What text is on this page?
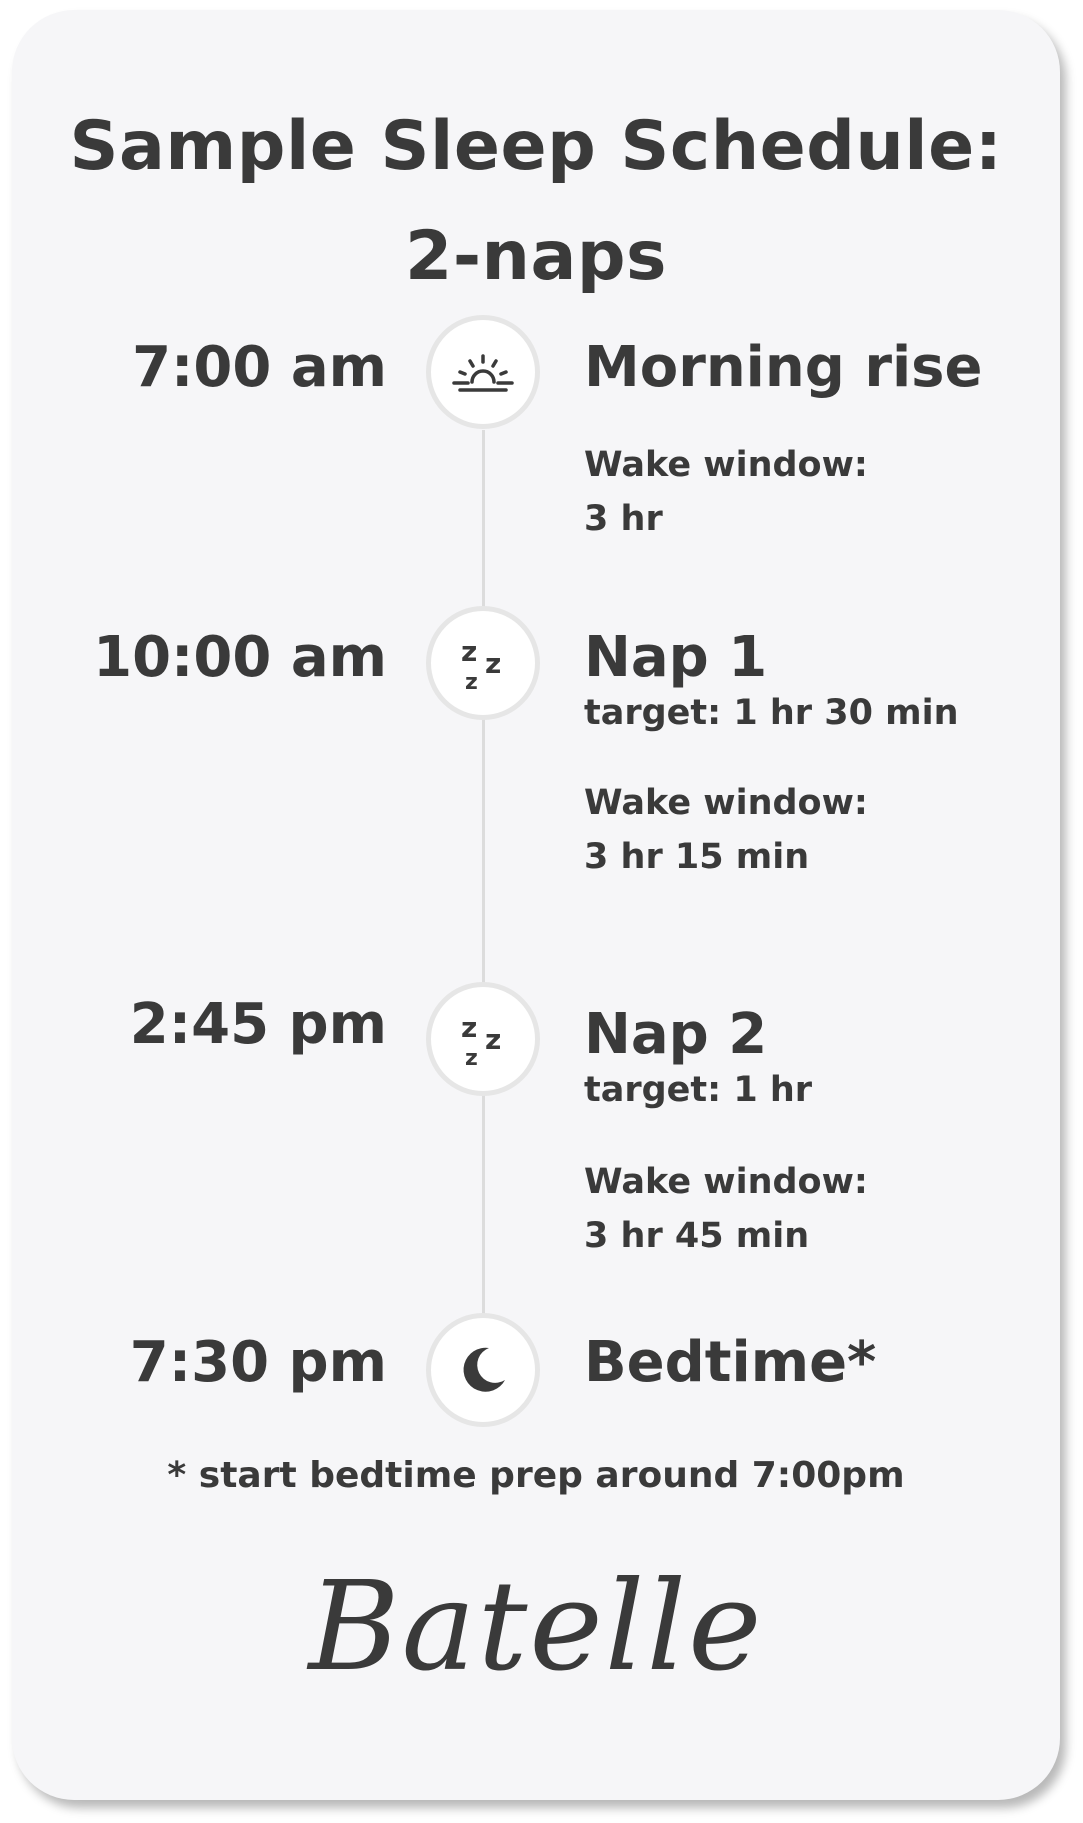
Sample Sleep Schedule:
2-naps
7:00 am	Morning rise
Wake window:
3 hr
10:00 am	z z
z Nap 1
target: 1 hr 30 min
Wake window:
3 hr 15 min
2:45 pm	z z
z Nap 2
target: 1 hr
Wake window:
3 hr 45 min
7:30 pm	Bedtime*
* start bedtime prep around 7:00pm
Batelle
